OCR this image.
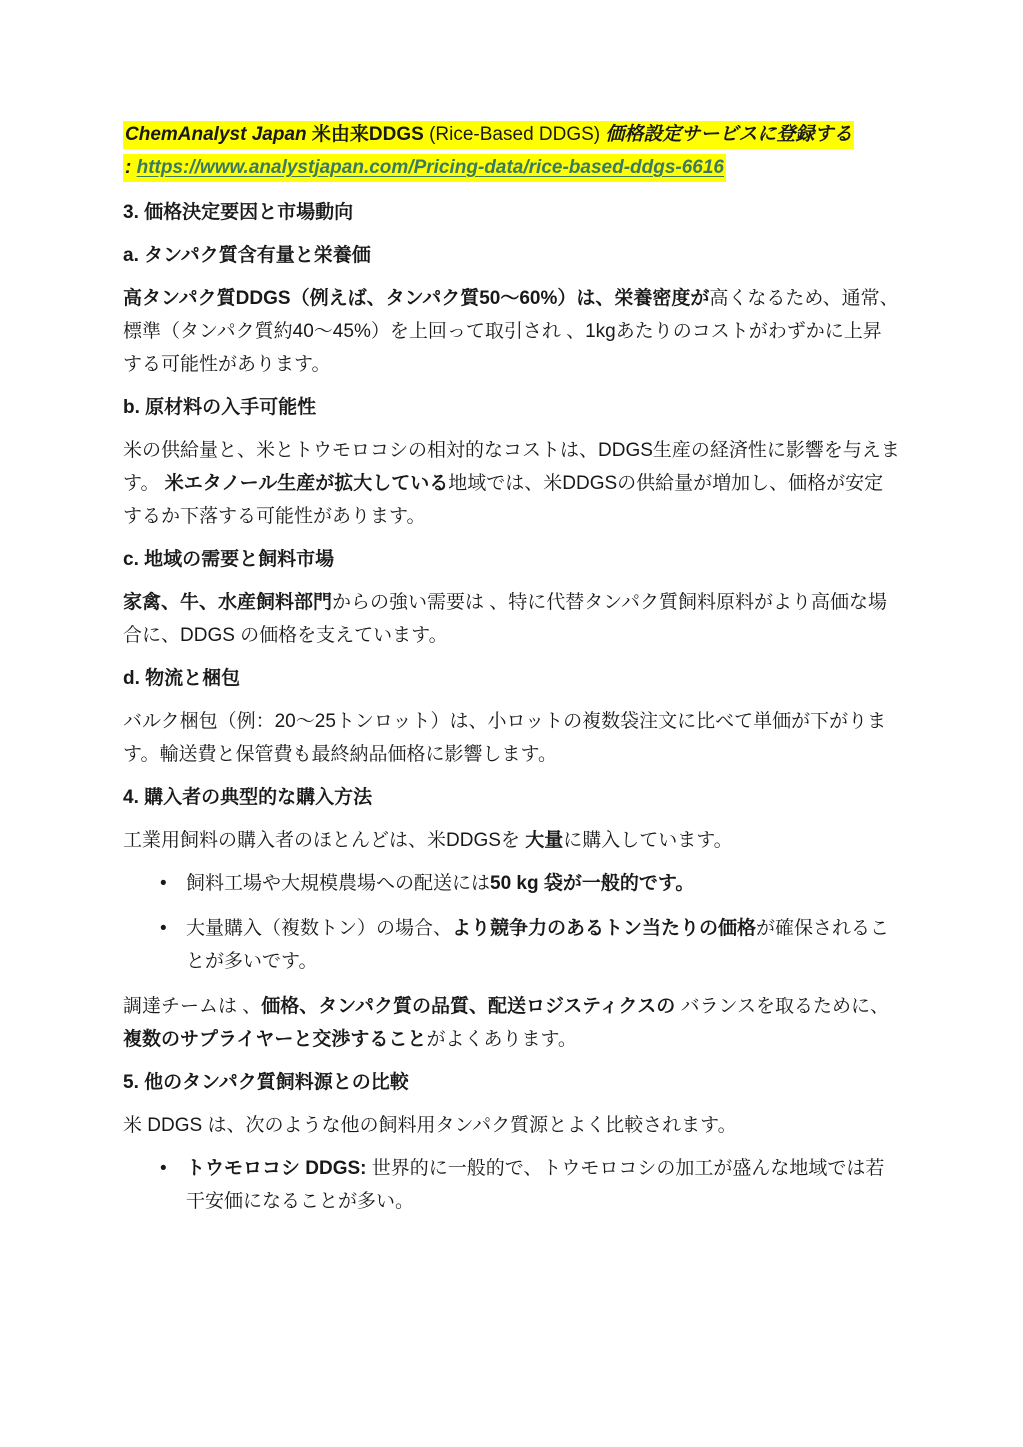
ChemAnalyst Japan 米由来DDGS (Rice-Based DDGS) 価格設定サービスに登録する
: https://www.analystjapan.com/Pricing-data/rice-based-ddgs-6616

3. 価格決定要因と市場動向

a. タンパク質含有量と栄養価

高タンパク質DDGS（例えば、タンパク質50～60%）は、栄養密度が高くなるため、通常、標準（タンパク質約40～45%）を上回って取引され 、1kgあたりのコストがわずかに上昇する可能性があります。

b. 原材料の入手可能性

米の供給量と、米とトウモロコシの相対的なコストは、DDGS生産の経済性に影響を与えます。 米エタノール生産が拡大している地域では、米DDGSの供給量が増加し、価格が安定するか下落する可能性があります。

c. 地域の需要と飼料市場

家禽、牛、水産飼料部門からの強い需要は 、特に代替タンパク質飼料原料がより高価な場合に、DDGS の価格を支えています。

d. 物流と梱包

バルク梱包（例：20～25トンロット）は、小ロットの複数袋注文に比べて単価が下がります。輸送費と保管費も最終納品価格に影響します。

4. 購入者の典型的な購入方法

工業用飼料の購入者のほとんどは、米DDGSを 大量に購入しています。

• 飼料工場や大規模農場への配送には50 kg 袋が一般的です。
• 大量購入（複数トン）の場合、より競争力のあるトン当たりの価格が確保されることが多いです。

調達チームは 、価格、タンパク質の品質、配送ロジスティクスの バランスを取るために、複数のサプライヤーと交渉することがよくあります。

5. 他のタンパク質飼料源との比較

米 DDGS は、次のような他の飼料用タンパク質源とよく比較されます。

• トウモロコシ DDGS: 世界的に一般的で、トウモロコシの加工が盛んな地域では若干安価になることが多い。
